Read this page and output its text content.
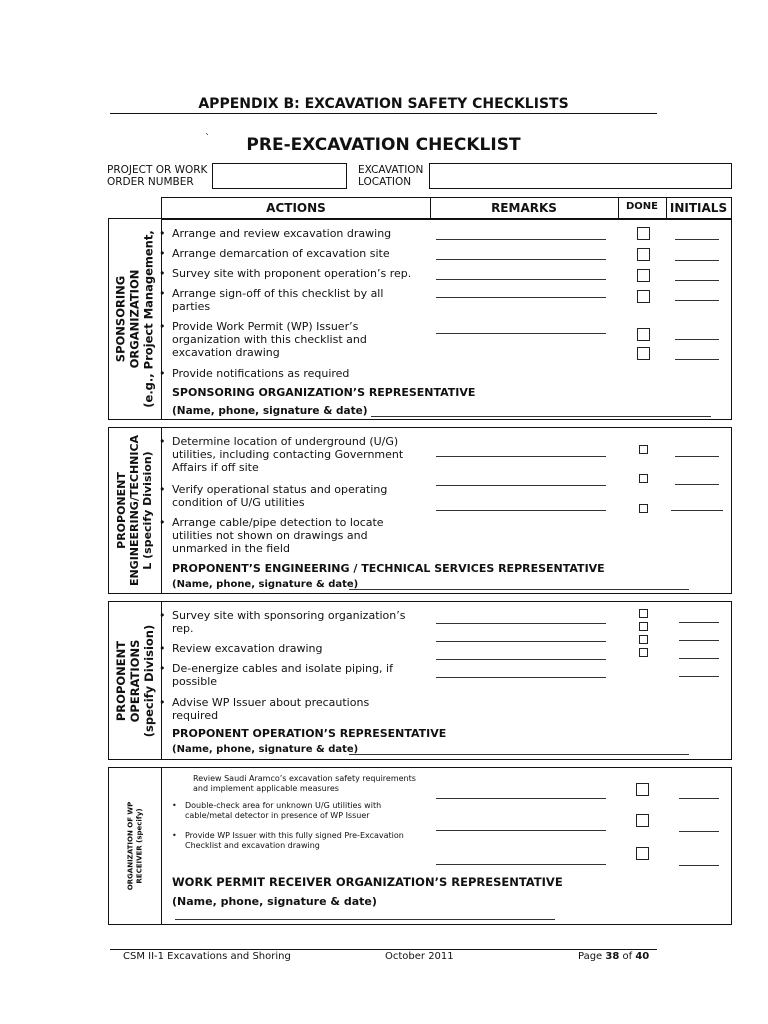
APPENDIX B: EXCAVATION SAFETY CHECKLISTS
`	PRE-EXCAVATION CHECKLIST
PROJECT OR WORK
ORDER NUMBER
EXCAVATION
LOCATION
ACTIONS	REMARKS	DONE INITIALS
SPONSORING ORGANIZATION (e.g., Project Management,
• Arrange and review excavation drawing
• Arrange demarcation of excavation site
• Survey site with proponent operation’s rep.
• Arrange sign-off of this checklist by all parties
• Provide Work Permit (WP) Issuer’s organization with this checklist and excavation drawing
• Provide notifications as required
SPONSORING ORGANIZATION’S REPRESENTATIVE
(Name, phone, signature & date)
PROPONENT ENGINEERING/TECHNICA L (specify Division)
• Determine location of underground (U/G) utilities, including contacting Government Affairs if off site
• Verify operational status and operating condition of U/G utilities
• Arrange cable/pipe detection to locate utilities not shown on drawings and unmarked in the field
PROPONENT’S ENGINEERING / TECHNICAL SERVICES REPRESENTATIVE
(Name, phone, signature & date)
PROPONENT OPERATIONS (specify Division)
• Survey site with sponsoring organization’s rep.
• Review excavation drawing
• De-energize cables and isolate piping, if possible
• Advise WP Issuer about precautions required
PROPONENT OPERATION’S REPRESENTATIVE
(Name, phone, signature & date)
ORGANIZATION OF WP RECEIVER (specify)
Review Saudi Aramco’s excavation safety requirements and implement applicable measures
• Double-check area for unknown U/G utilities with cable/metal detector in presence of WP Issuer
• Provide WP Issuer with this fully signed Pre-Excavation Checklist and excavation drawing
WORK PERMIT RECEIVER ORGANIZATION’S REPRESENTATIVE
(Name, phone, signature & date)
CSM II-1 Excavations and Shoring	October 2011	Page 38 of 40
